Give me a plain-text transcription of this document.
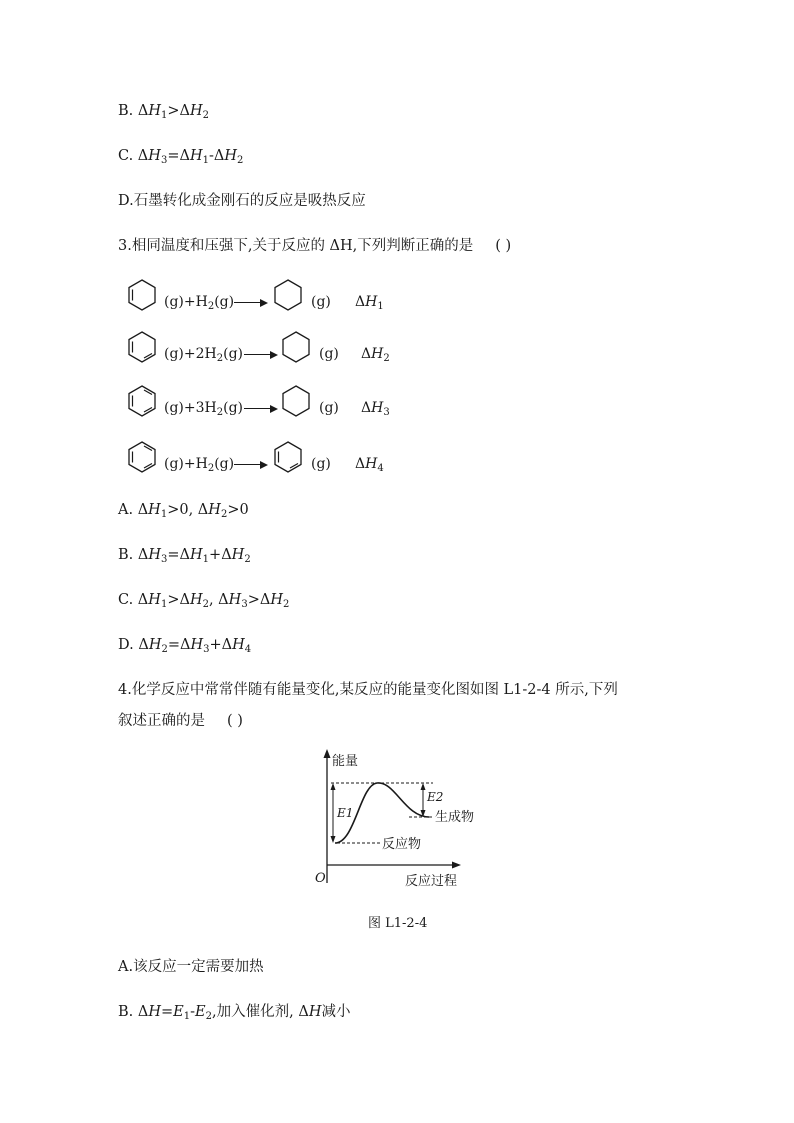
B. $\Delta H_1>\Delta H_2$
C. $\Delta H_3=\Delta H_1-\Delta H_2$
D.石墨转化成金刚石的反应是吸热反应
3.相同温度和压强下,关于反应的 ΔH,下列判断正确的是 ( )
$(g)+H_2(g)$ →	(g) $\Delta H_1$
$(g)+2H_2(g)$ →	(g) $\Delta H_2$
$(g)+3H_2(g)$ →	(g) $\Delta H_3$
$(g)+H_2(g)$ →	(g) $\Delta H_4$
A. $\Delta H_1>0$, $\Delta H_2>0$
B. $\Delta H_3=\Delta H_1+\Delta H_2$
C. $\Delta H_1>\Delta H_2$, $\Delta H_3>\Delta H_2$
D. $\Delta H_2=\Delta H_3+\Delta H_4$
4.化学反应中常常伴随有能量变化,某反应的能量变化图如图 L1-2-4 所示,下列
叙述正确的是 ( )
能量
反应过程
O
E1
E2
反应物
生成物
图 L1-2-4
A.该反应一定需要加热
B. $\Delta H=E_1-E_2$,加入催化剂, ΔH减小
